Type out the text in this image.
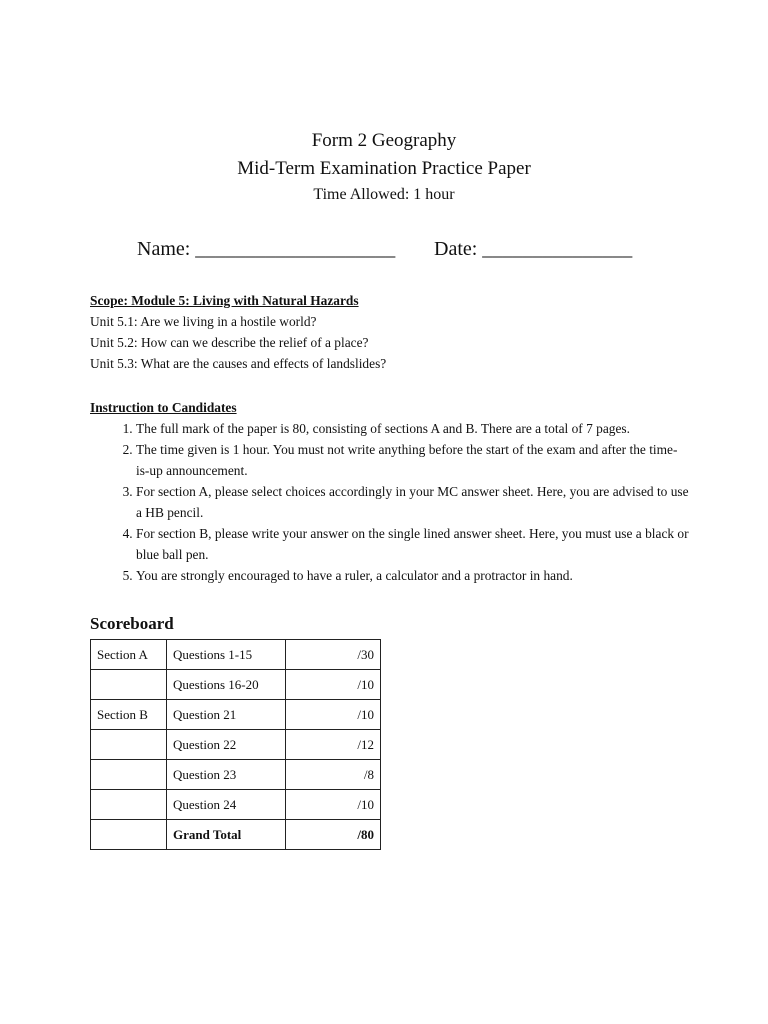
Form 2 Geography
Mid-Term Examination Practice Paper
Time Allowed: 1 hour
Name: ____________________ Date: _______________
Scope: Module 5: Living with Natural Hazards
Unit 5.1: Are we living in a hostile world?
Unit 5.2: How can we describe the relief of a place?
Unit 5.3: What are the causes and effects of landslides?
Instruction to Candidates
1. The full mark of the paper is 80, consisting of sections A and B. There are a total of 7 pages.
2. The time given is 1 hour. You must not write anything before the start of the exam and after the time-is-up announcement.
3. For section A, please select choices accordingly in your MC answer sheet. Here, you are advised to use a HB pencil.
4. For section B, please write your answer on the single lined answer sheet. Here, you must use a black or blue ball pen.
5. You are strongly encouraged to have a ruler, a calculator and a protractor in hand.
Scoreboard
Section A	Questions 1-15	/30
	Questions 16-20	/10
Section B	Question 21	/10
	Question 22	/12
	Question 23	/8
	Question 24	/10
	Grand Total	/80
